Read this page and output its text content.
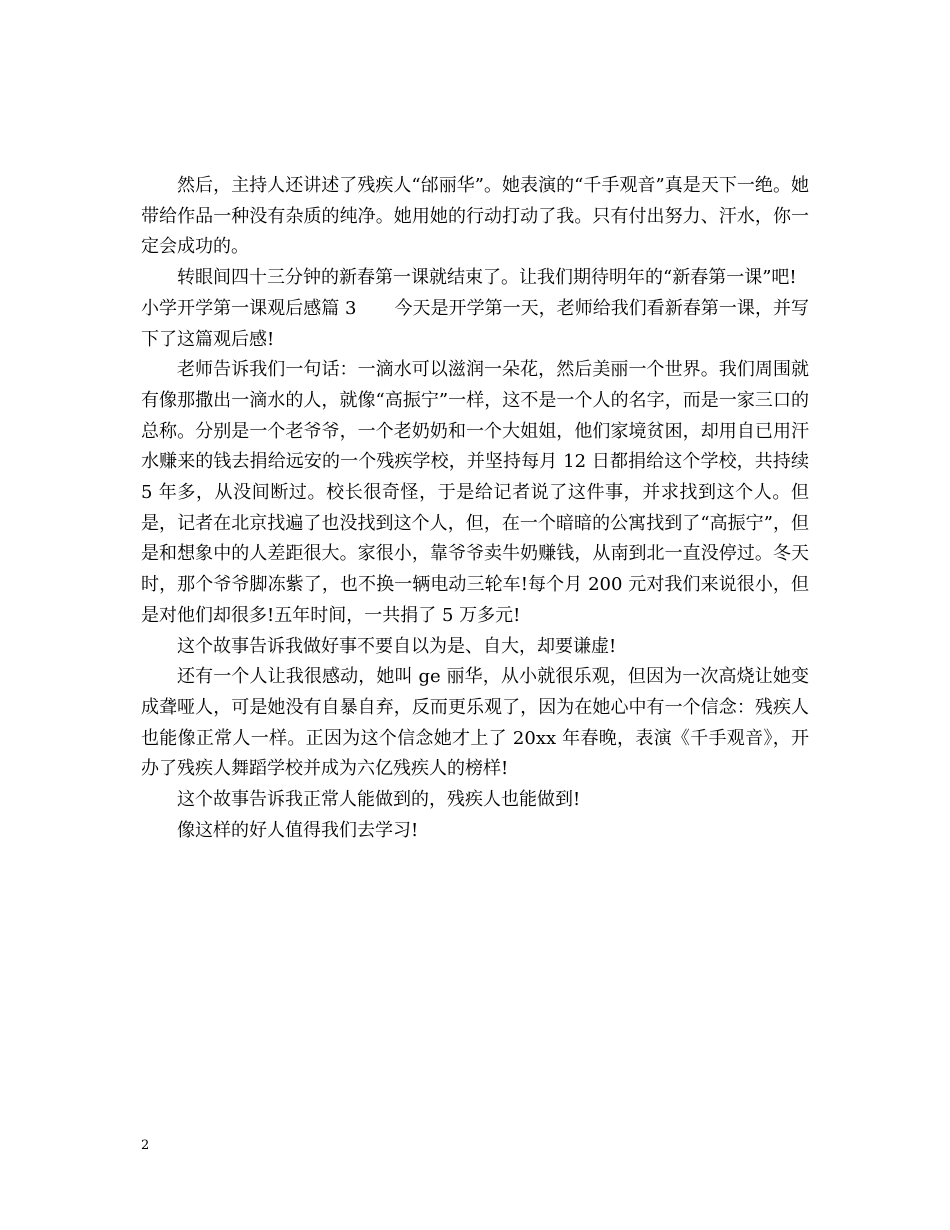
然后，主持人还讲述了残疾人“邰丽华”。她表演的“千手观音”真是天下一绝。她带给作品一种没有杂质的纯净。她用她的行动打动了我。只有付出努力、汗水，你一定会成功的。

转眼间四十三分钟的新春第一课就结束了。让我们期待明年的“新春第一课”吧!

小学开学第一课观后感篇 3 今天是开学第一天，老师给我们看新春第一课，并写下了这篇观后感!

老师告诉我们一句话：一滴水可以滋润一朵花，然后美丽一个世界。我们周围就有像那撒出一滴水的人，就像“高振宁”一样，这不是一个人的名字，而是一家三口的总称。分别是一个老爷爷，一个老奶奶和一个大姐姐，他们家境贫困，却用自已用汗水赚来的钱去捐给远安的一个残疾学校，并坚持每月 12 日都捐给这个学校，共持续 5 年多，从没间断过。校长很奇怪，于是给记者说了这件事，并求找到这个人。但是，记者在北京找遍了也没找到这个人，但，在一个暗暗的公寓找到了“高振宁”，但是和想象中的人差距很大。家很小，靠爷爷卖牛奶赚钱，从南到北一直没停过。冬天时，那个爷爷脚冻紫了，也不换一辆电动三轮车!每个月 200 元对我们来说很小，但是对他们却很多!五年时间，一共捐了 5 万多元!

这个故事告诉我做好事不要自以为是、自大，却要谦虚!

还有一个人让我很感动，她叫 ge 丽华，从小就很乐观，但因为一次高烧让她变成聋哑人，可是她没有自暴自弃，反而更乐观了，因为在她心中有一个信念：残疾人也能像正常人一样。正因为这个信念她才上了 20xx 年春晚，表演《千手观音》，开办了残疾人舞蹈学校并成为六亿残疾人的榜样!

这个故事告诉我正常人能做到的，残疾人也能做到!

像这样的好人值得我们去学习!

2
